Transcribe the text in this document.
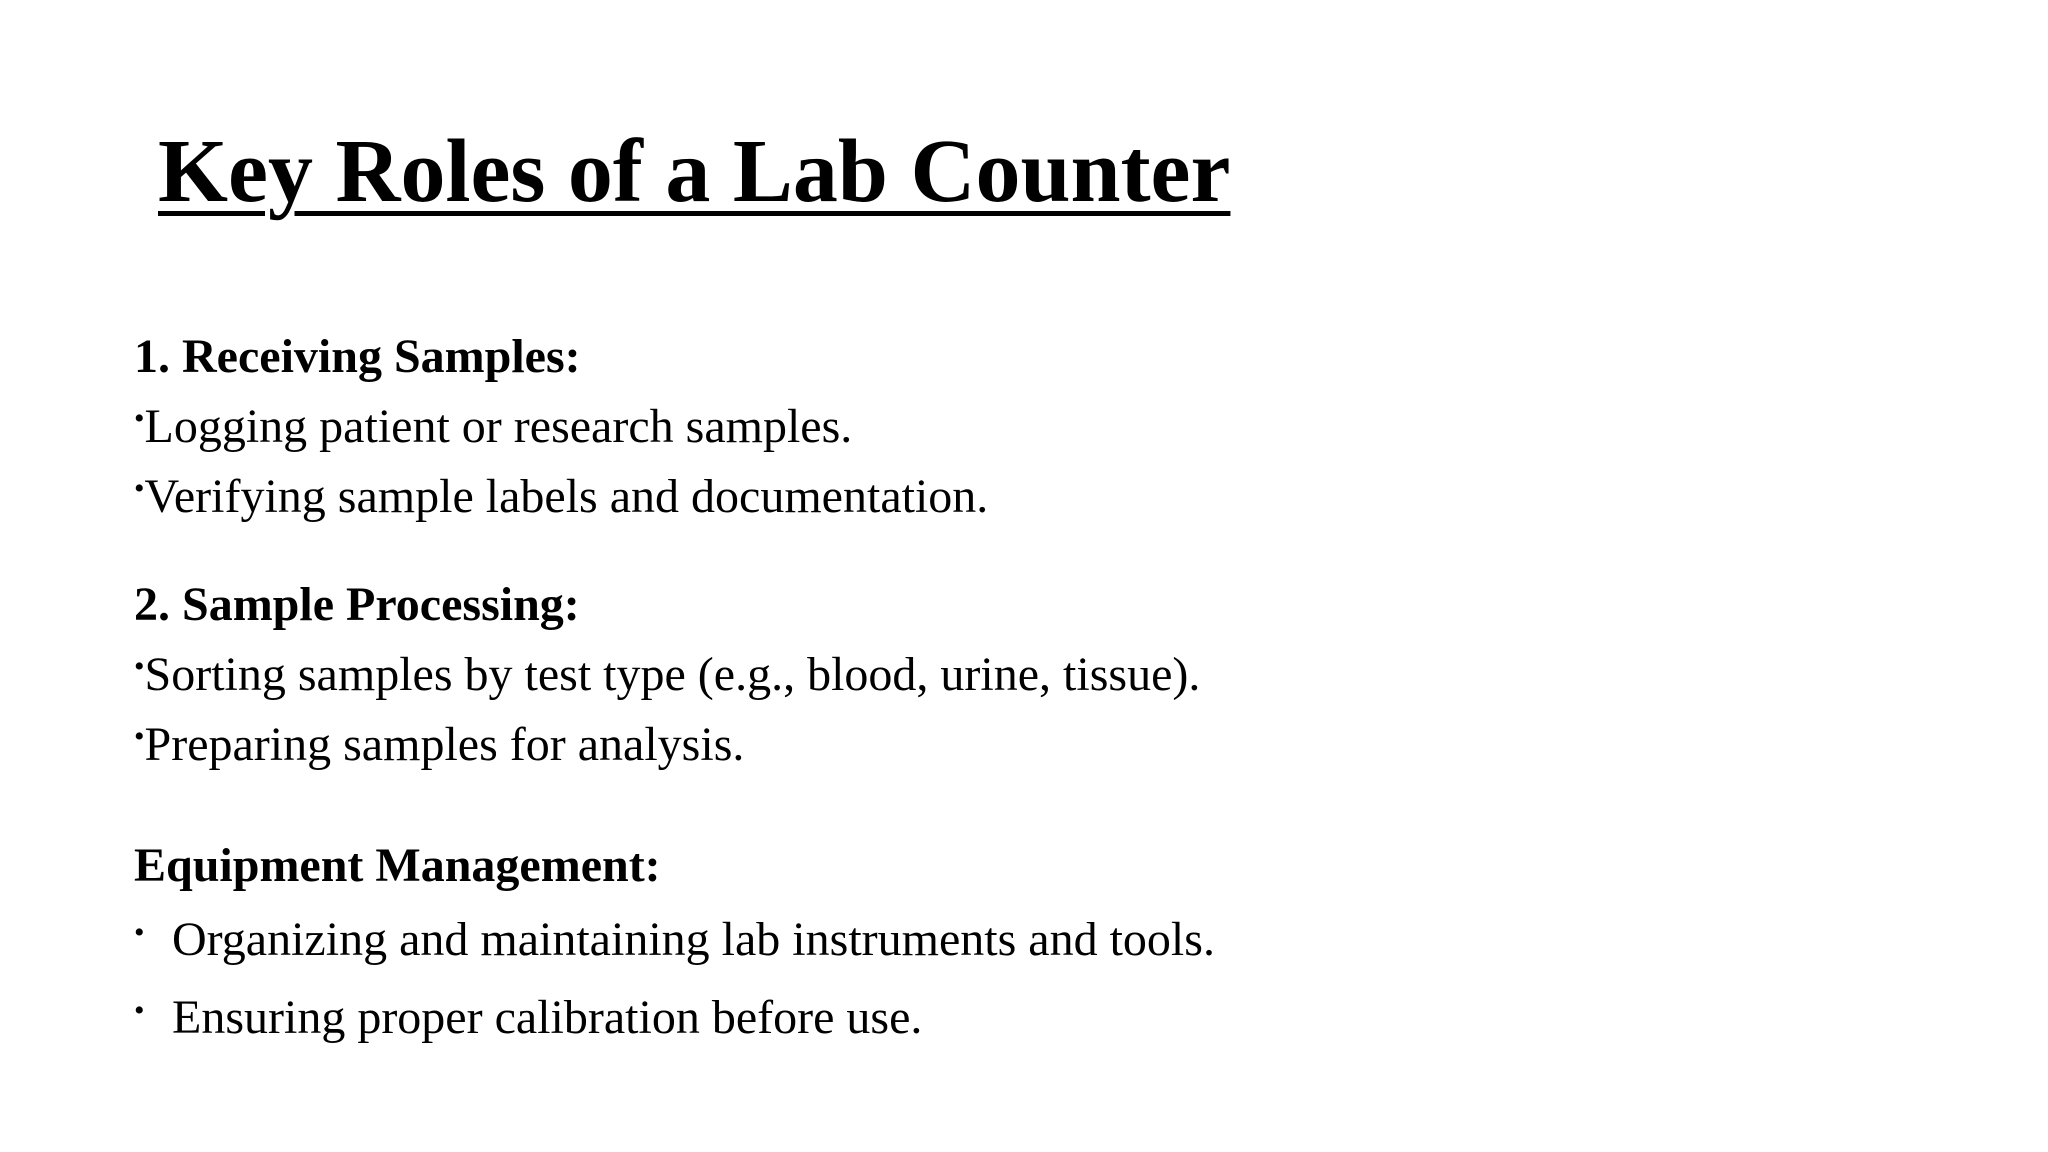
Key Roles of a Lab Counter
1. Receiving Samples:
•Logging patient or research samples.
•Verifying sample labels and documentation.
2. Sample Processing:
•Sorting samples by test type (e.g., blood, urine, tissue).
•Preparing samples for analysis.
Equipment Management:
• Organizing and maintaining lab instruments and tools.
• Ensuring proper calibration before use.
